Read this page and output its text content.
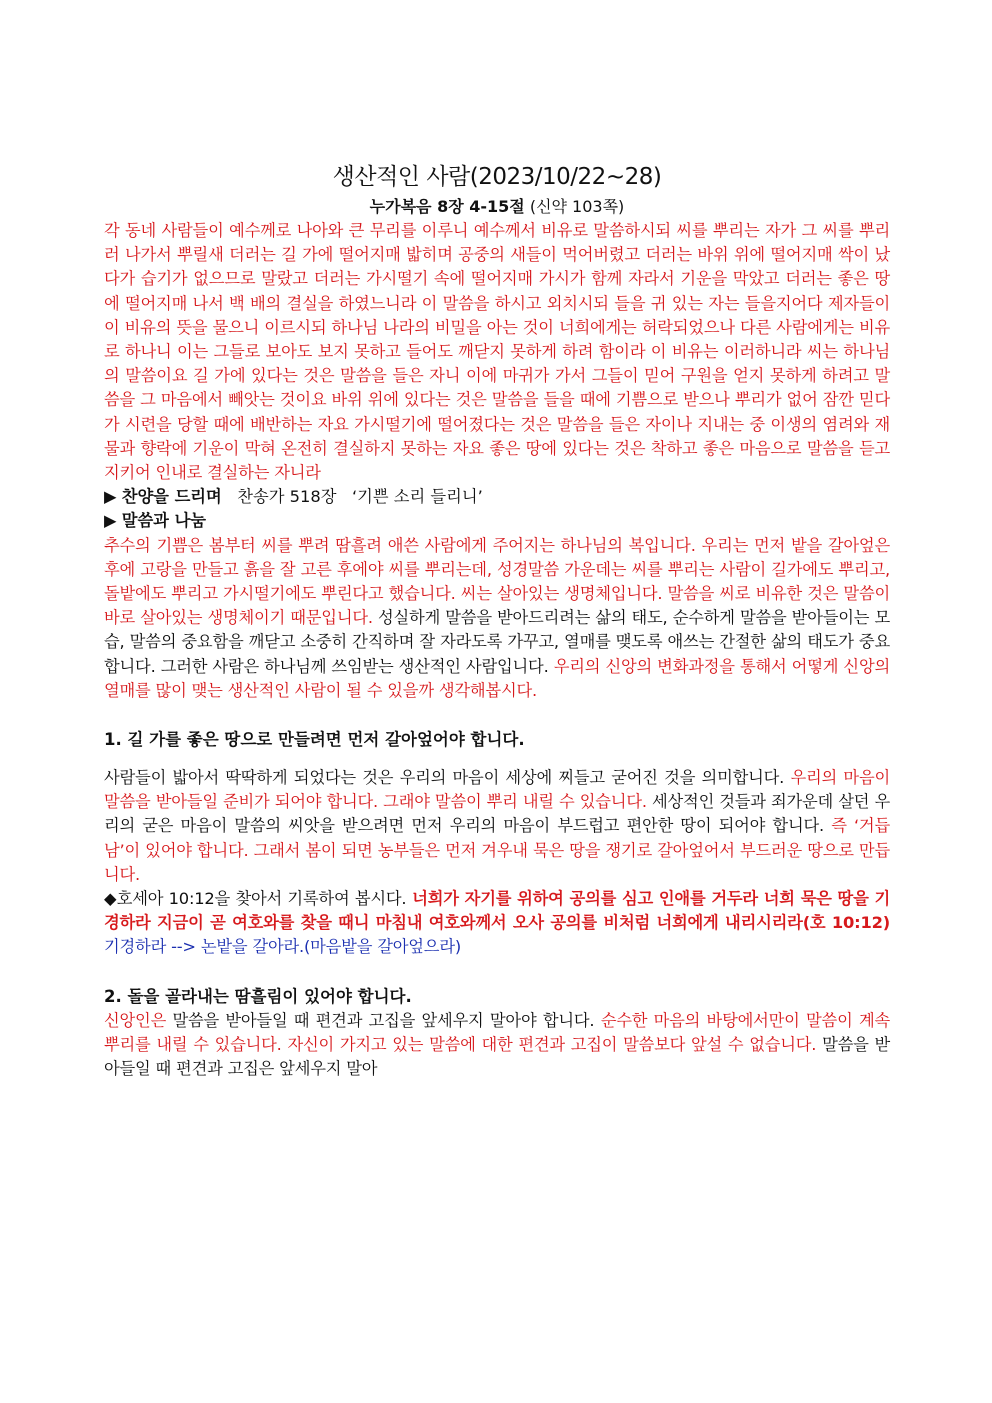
생산적인 사람(2023/10/22~28)
누가복음 8장 4-15절 (신약 103쪽)

각 동네 사람들이 예수께로 나아와 큰 무리를 이루니 예수께서 비유로 말씀하시되 씨를 뿌리는 자가 그 씨를 뿌리러 나가서 뿌릴새 더러는 길 가에 떨어지매 밟히며 공중의 새들이 먹어버렸고 더러는 바위 위에 떨어지매 싹이 났다가 습기가 없으므로 말랐고 더러는 가시떨기 속에 떨어지매 가시가 함께 자라서 기운을 막았고 더러는 좋은 땅에 떨어지매 나서 백 배의 결실을 하였느니라 이 말씀을 하시고 외치시되 들을 귀 있는 자는 들을지어다 제자들이 이 비유의 뜻을 물으니 이르시되 하나님 나라의 비밀을 아는 것이 너희에게는 허락되었으나 다른 사람에게는 비유로 하나니 이는 그들로 보아도 보지 못하고 들어도 깨닫지 못하게 하려 함이라 이 비유는 이러하니라 씨는 하나님의 말씀이요 길 가에 있다는 것은 말씀을 들은 자니 이에 마귀가 가서 그들이 믿어 구원을 얻지 못하게 하려고 말씀을 그 마음에서 빼앗는 것이요 바위 위에 있다는 것은 말씀을 들을 때에 기쁨으로 받으나 뿌리가 없어 잠깐 믿다가 시련을 당할 때에 배반하는 자요 가시떨기에 떨어졌다는 것은 말씀을 들은 자이나 지내는 중 이생의 염려와 재물과 향락에 기운이 막혀 온전히 결실하지 못하는 자요 좋은 땅에 있다는 것은 착하고 좋은 마음으로 말씀을 듣고 지키어 인내로 결실하는 자니라

▶ 찬양을 드리며 찬송가 518장 ‘기쁜 소리 들리니’
▶ 말씀과 나눔

추수의 기쁨은 봄부터 씨를 뿌려 땀흘려 애쓴 사람에게 주어지는 하나님의 복입니다. 우리는 먼저 밭을 갈아엎은 후에 고랑을 만들고 흙을 잘 고른 후에야 씨를 뿌리는데, 성경말씀 가운데는 씨를 뿌리는 사람이 길가에도 뿌리고, 돌밭에도 뿌리고 가시떨기에도 뿌린다고 했습니다. 씨는 살아있는 생명체입니다. 말씀을 씨로 비유한 것은 말씀이 바로 살아있는 생명체이기 때문입니다. 성실하게 말씀을 받아드리려는 삶의 태도, 순수하게 말씀을 받아들이는 모습, 말씀의 중요함을 깨닫고 소중히 간직하며 잘 자라도록 가꾸고, 열매를 맺도록 애쓰는 간절한 삶의 태도가 중요합니다. 그러한 사람은 하나님께 쓰임받는 생산적인 사람입니다. 우리의 신앙의 변화과정을 통해서 어떻게 신앙의 열매를 많이 맺는 생산적인 사람이 될 수 있을까 생각해봅시다.

1. 길 가를 좋은 땅으로 만들려면 먼저 갈아엎어야 합니다.

사람들이 밟아서 딱딱하게 되었다는 것은 우리의 마음이 세상에 찌들고 굳어진 것을 의미합니다. 우리의 마음이 말씀을 받아들일 준비가 되어야 합니다. 그래야 말씀이 뿌리 내릴 수 있습니다. 세상적인 것들과 죄가운데 살던 우리의 굳은 마음이 말씀의 씨앗을 받으려면 먼저 우리의 마음이 부드럽고 편안한 땅이 되어야 합니다. 즉 ‘거듭남’이 있어야 합니다. 그래서 봄이 되면 농부들은 먼저 겨우내 묵은 땅을 쟁기로 갈아엎어서 부드러운 땅으로 만듭니다.

◆호세아 10:12을 찾아서 기록하여 봅시다. 너희가 자기를 위하여 공의를 심고 인애를 거두라 너희 묵은 땅을 기경하라 지금이 곧 여호와를 찾을 때니 마침내 여호와께서 오사 공의를 비처럼 너희에게 내리시리라(호 10:12) 기경하라 --> 논밭을 갈아라.(마음밭을 갈아엎으라)

2. 돌을 골라내는 땀흘림이 있어야 합니다.

신앙인은 말씀을 받아들일 때 편견과 고집을 앞세우지 말아야 합니다. 순수한 마음의 바탕에서만이 말씀이 계속 뿌리를 내릴 수 있습니다. 자신이 가지고 있는 말씀에 대한 편견과 고집이 말씀보다 앞설 수 없습니다. 말씀을 받아들일 때 편견과 고집은 앞세우지 말아
